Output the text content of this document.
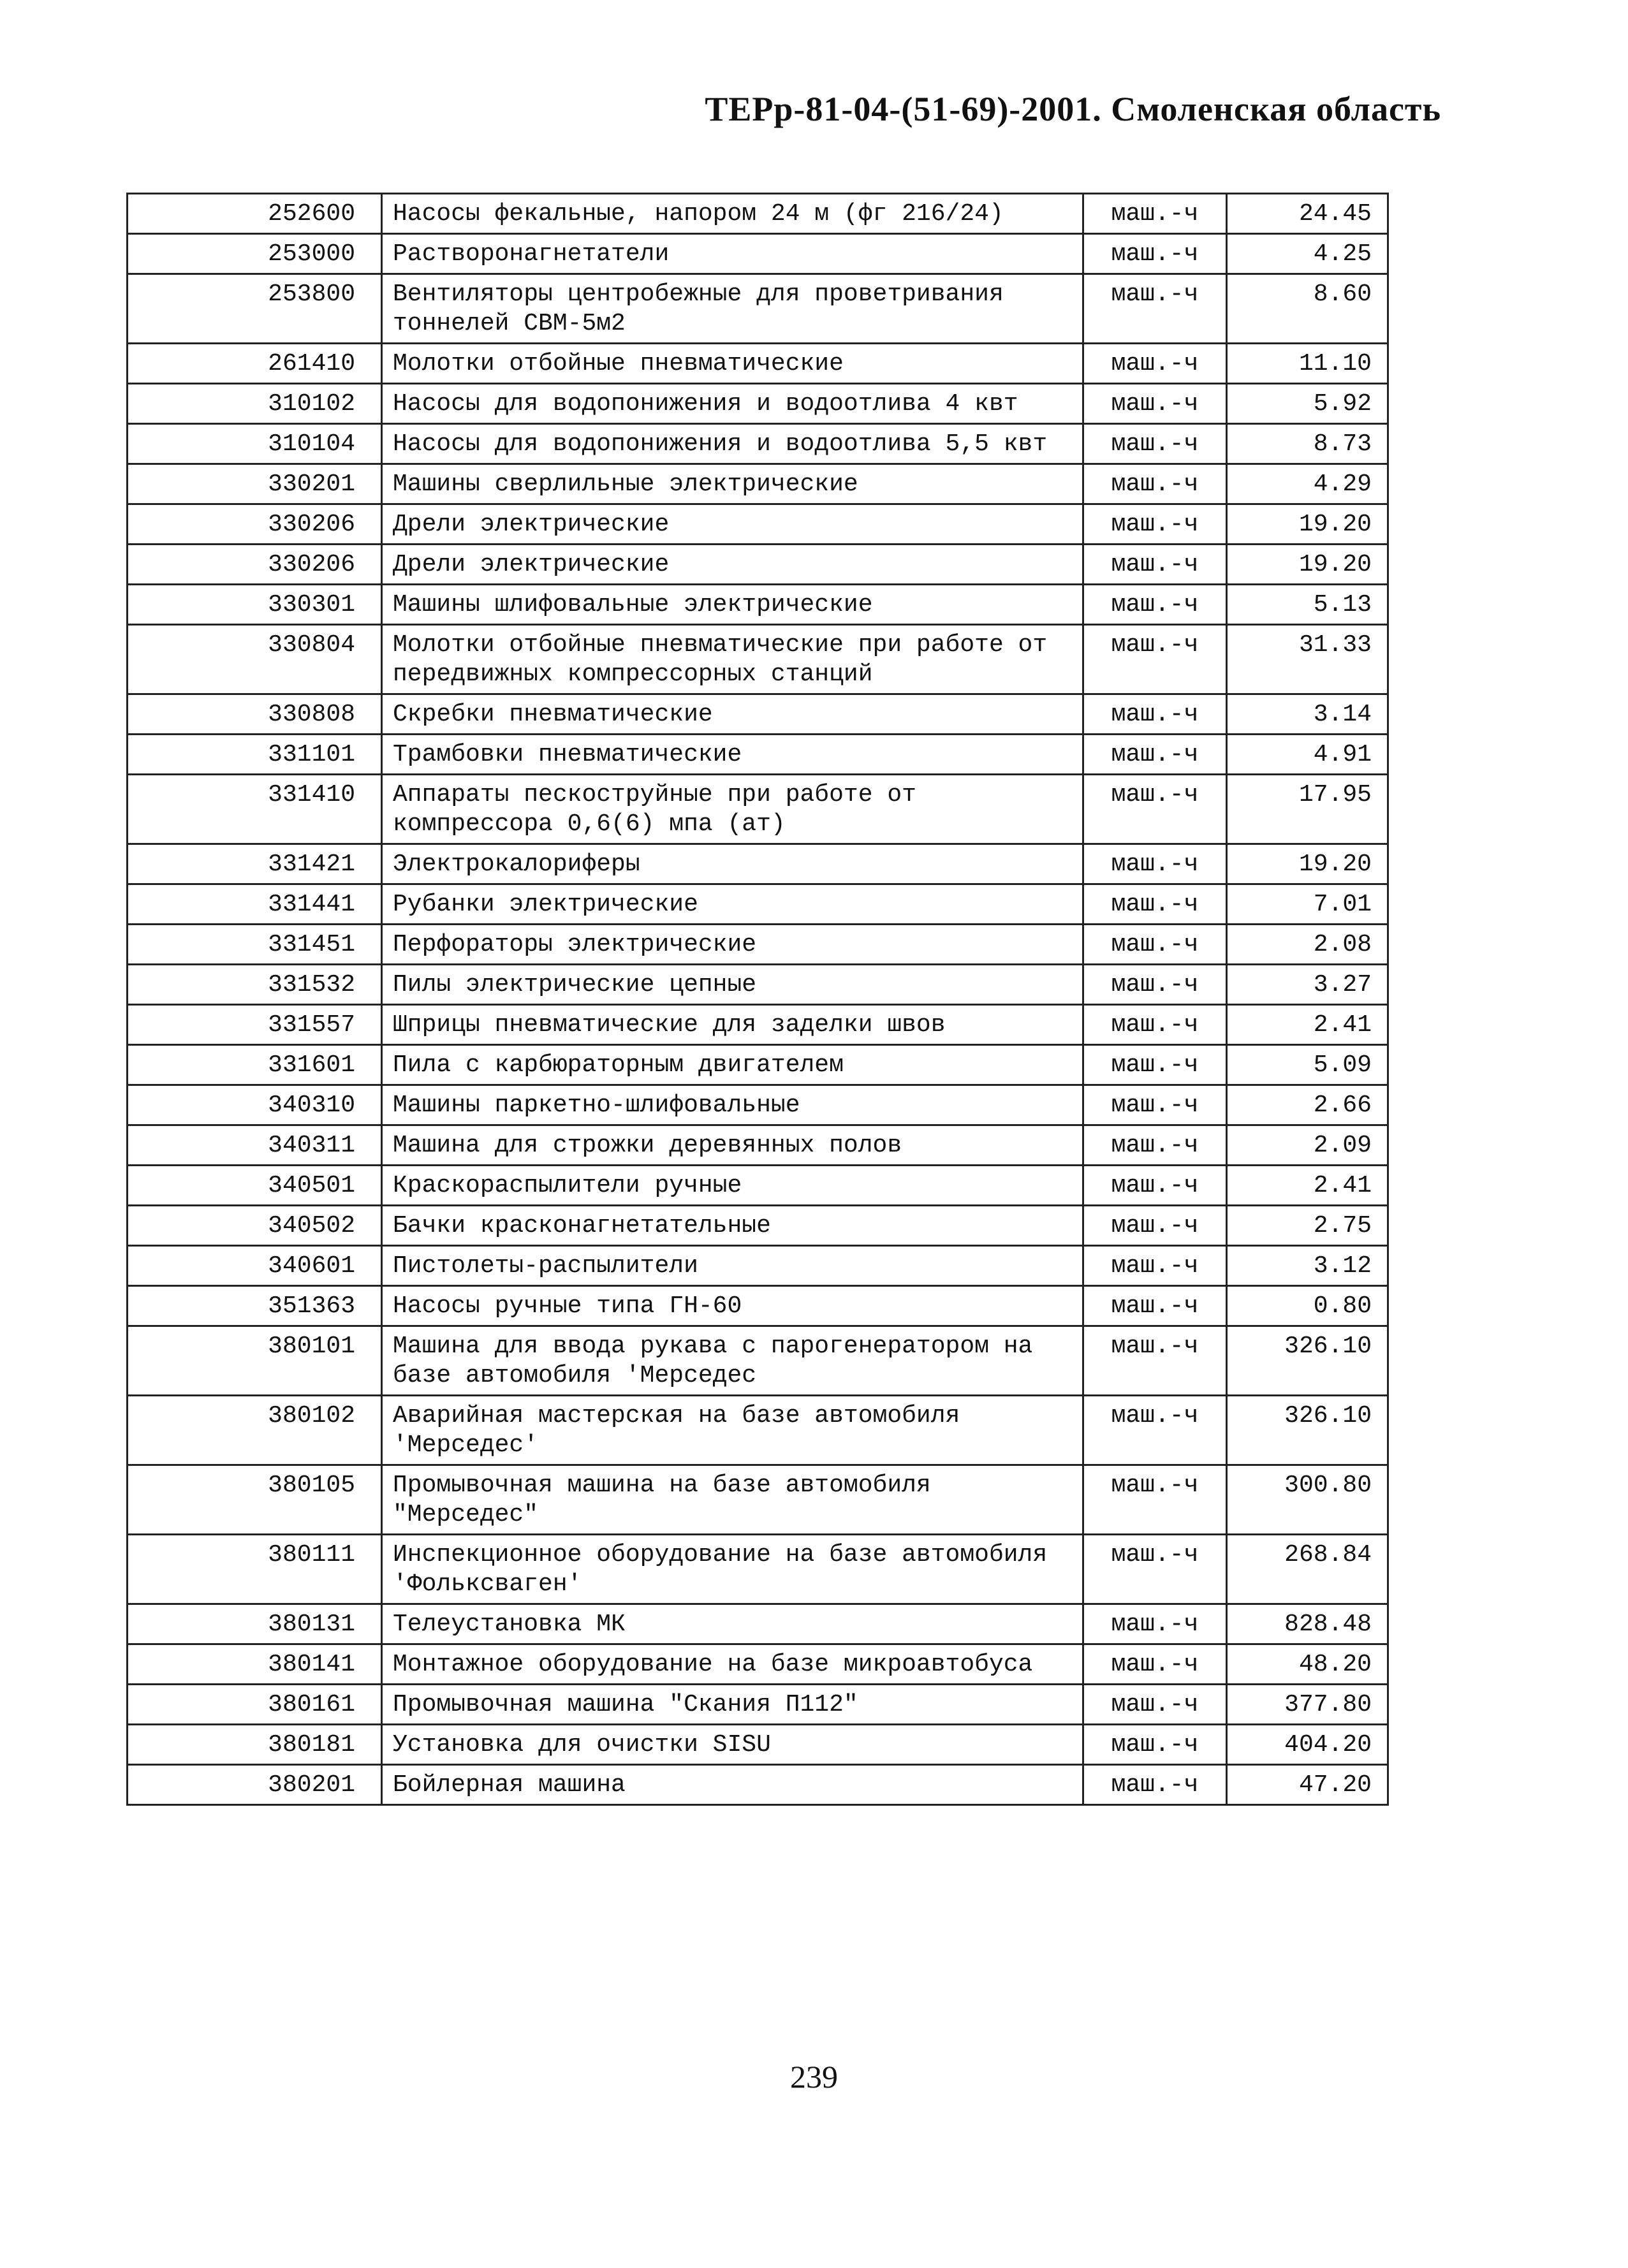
ТЕРр-81-04-(51-69)-2001. Смоленская область
252600	Насосы фекальные, напором 24 м (фг 216/24)	маш.-ч	24.45
253000	Растворонагнетатели	маш.-ч	4.25
253800	Вентиляторы центробежные для проветривания тоннелей СВМ-5м2	маш.-ч	8.60
261410	Молотки отбойные пневматические	маш.-ч	11.10
310102	Насосы для водопонижения и водоотлива 4 квт	маш.-ч	5.92
310104	Насосы для водопонижения и водоотлива 5,5 квт	маш.-ч	8.73
330201	Машины сверлильные электрические	маш.-ч	4.29
330206	Дрели электрические	маш.-ч	19.20
330206	Дрели электрические	маш.-ч	19.20
330301	Машины шлифовальные электрические	маш.-ч	5.13
330804	Молотки отбойные пневматические при работе от передвижных компрессорных станций	маш.-ч	31.33
330808	Скребки пневматические	маш.-ч	3.14
331101	Трамбовки пневматические	маш.-ч	4.91
331410	Аппараты пескоструйные при работе от компрессора 0,6(6) мпа (ат)	маш.-ч	17.95
331421	Электрокалориферы	маш.-ч	19.20
331441	Рубанки электрические	маш.-ч	7.01
331451	Перфораторы электрические	маш.-ч	2.08
331532	Пилы электрические цепные	маш.-ч	3.27
331557	Шприцы пневматические для заделки швов	маш.-ч	2.41
331601	Пила с карбюраторным двигателем	маш.-ч	5.09
340310	Машины паркетно-шлифовальные	маш.-ч	2.66
340311	Машина для строжки деревянных полов	маш.-ч	2.09
340501	Краскораспылители ручные	маш.-ч	2.41
340502	Бачки красконагнетательные	маш.-ч	2.75
340601	Пистолеты-распылители	маш.-ч	3.12
351363	Насосы ручные типа ГН-60	маш.-ч	0.80
380101	Машина для ввода рукава с парогенератором на базе автомобиля 'Мерседес	маш.-ч	326.10
380102	Аварийная мастерская на базе автомобиля 'Мерседес'	маш.-ч	326.10
380105	Промывочная машина на базе автомобиля "Мерседес"	маш.-ч	300.80
380111	Инспекционное оборудование на базе автомобиля 'Фольксваген'	маш.-ч	268.84
380131	Телеустановка МК	маш.-ч	828.48
380141	Монтажное оборудование на базе микроавтобуса	маш.-ч	48.20
380161	Промывочная машина "Скания П112"	маш.-ч	377.80
380181	Установка для очистки SISU	маш.-ч	404.20
380201	Бойлерная машина	маш.-ч	47.20
239
